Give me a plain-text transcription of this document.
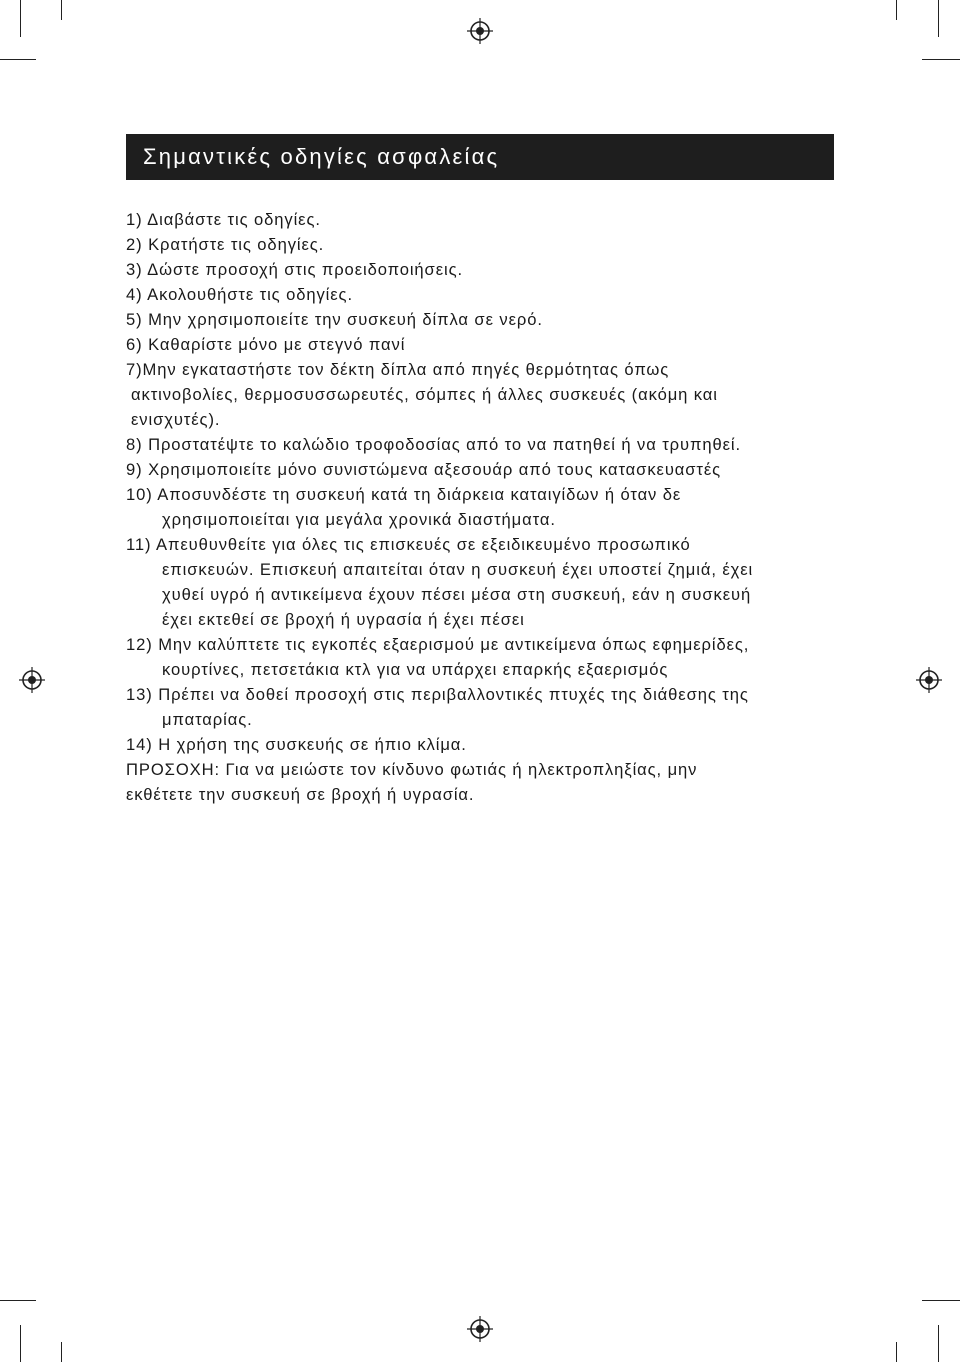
Σημαντικές οδηγίες ασφαλείας
1) Διαβάστε τις οδηγίες.
2) Κρατήστε τις οδηγίες.
3) Δώστε προσοχή στις προειδοποιήσεις.
4) Ακολουθήστε τις οδηγίες.
5) Μην χρησιμοποιείτε την συσκευή δίπλα σε νερό.
6) Καθαρίστε μόνο με στεγνό πανί
7)Μην εγκαταστήστε τον δέκτη δίπλα από πηγές θερμότητας όπως
ακτινοβολίες, θερμοσυσσωρευτές, σόμπες ή άλλες συσκευές (ακόμη και
ενισχυτές).
8) Προστατέψτε το καλώδιο τροφοδοσίας από το να πατηθεί ή να τρυπηθεί.
9) Χρησιμοποιείτε μόνο συνιστώμενα αξεσουάρ από τους κατασκευαστές
10) Αποσυνδέστε τη συσκευή κατά τη διάρκεια καταιγίδων ή όταν δε
χρησιμοποιείται για μεγάλα χρονικά διαστήματα.
11) Απευθυνθείτε για όλες τις επισκευές σε εξειδικευμένο προσωπικό
επισκευών. Επισκευή απαιτείται όταν η συσκευή έχει υποστεί ζημιά, έχει
χυθεί υγρό ή αντικείμενα έχουν πέσει μέσα στη συσκευή, εάν η συσκευή
έχει εκτεθεί σε βροχή ή υγρασία ή έχει πέσει
12) Μην καλύπτετε τις εγκοπές εξαερισμού με αντικείμενα όπως εφημερίδες,
κουρτίνες, πετσετάκια κτλ για να υπάρχει επαρκής εξαερισμός
13) Πρέπει να δοθεί προσοχή στις περιβαλλοντικές πτυχές της διάθεσης της
μπαταρίας.
14) Η χρήση της συσκευής σε ήπιο κλίμα.
ΠΡΟΣΟΧΗ: Για να μειώστε τον κίνδυνο φωτιάς ή ηλεκτροπληξίας, μην
εκθέτετε την συσκευή σε βροχή ή υγρασία.
